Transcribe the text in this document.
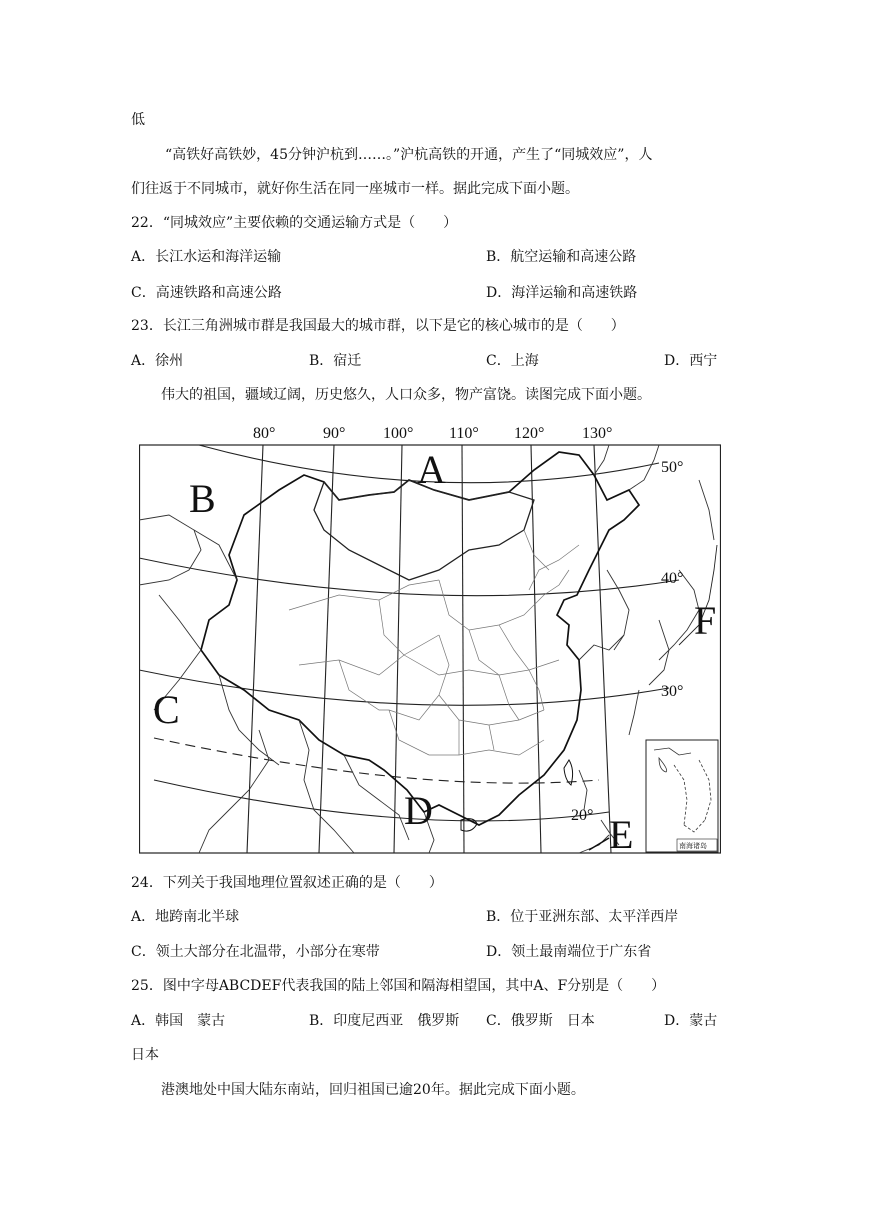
低
“高铁好高铁妙，45分钟沪杭到……。”沪杭高铁的开通，产生了“同城效应”，人
们往返于不同城市，就好你生活在同一座城市一样。据此完成下面小题。
22．“同城效应”主要依赖的交通运输方式是（　　）
A．长江水运和海洋运输	B．航空运输和高速公路
C．高速铁路和高速公路	D．海洋运输和高速铁路
23．长江三角洲城市群是我国最大的城市群，以下是它的核心城市的是（　　）
A．徐州	B．宿迁	C．上海	D．西宁
伟大的祖国，疆域辽阔，历史悠久，人口众多，物产富饶。读图完成下面小题。
南海诸岛
80°	90° 100° 110° 120° 130°
50°
40°
30°
20°
A
B
C
D
E
F
24．下列关于我国地理位置叙述正确的是（　　）
A．地跨南北半球	B．位于亚洲东部、太平洋西岸
C．领土大部分在北温带，小部分在寒带	D．领土最南端位于广东省
25．图中字母ABCDEF代表我国的陆上邻国和隔海相望国，其中A、F分别是（　　）
A．韩国　蒙古	B．印度尼西亚　俄罗斯 C．俄罗斯　日本	D．蒙古
日本
港澳地处中国大陆东南站，回归祖国已逾20年。据此完成下面小题。
